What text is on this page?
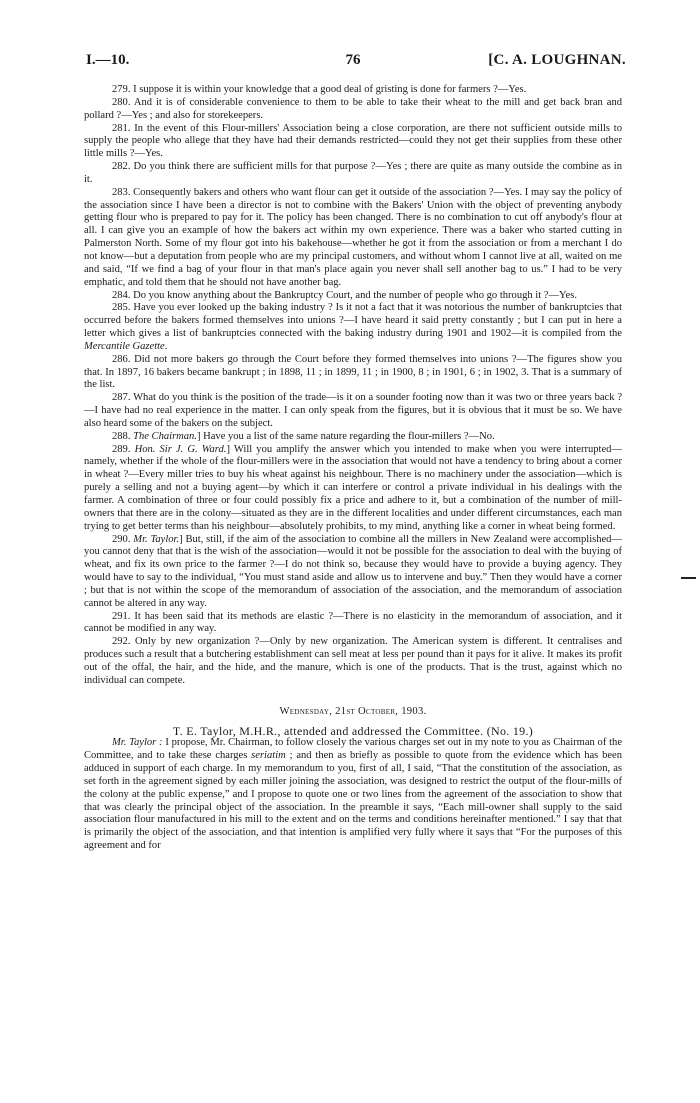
I.—10.	76	[C. A. LOUGHNAN.

279. I suppose it is within your knowledge that a good deal of gristing is done for farmers ?—Yes.

280. And it is of considerable convenience to them to be able to take their wheat to the mill and get back bran and pollard ?—Yes ; and also for storekeepers.

281. In the event of this Flour-millers' Association being a close corporation, are there not sufficient outside mills to supply the people who allege that they have had their demands restricted—could they not get their supplies from these other little mills ?—Yes.

282. Do you think there are sufficient mills for that purpose ?—Yes ; there are quite as many outside the combine as in it.

283. Consequently bakers and others who want flour can get it outside of the association ?—Yes. I may say the policy of the association since I have been a director is not to combine with the Bakers' Union with the object of preventing anybody getting flour who is prepared to pay for it. The policy has been changed. There is no combination to cut off anybody's flour at all. I can give you an example of how the bakers act within my own experience. There was a baker who started cutting in Palmerston North. Some of my flour got into his bakehouse—whether he got it from the association or from a merchant I do not know—but a deputation from people who are my principal customers, and without whom I cannot live at all, waited on me and said, “If we find a bag of your flour in that man's place again you never shall sell another bag to us.” I had to be very emphatic, and told them that he should not have another bag.

284. Do you know anything about the Bankruptcy Court, and the number of people who go through it ?—Yes.

285. Have you ever looked up the baking industry ? Is it not a fact that it was notorious the number of bankruptcies that occurred before the bakers formed themselves into unions ?—I have heard it said pretty constantly ; but I can put in here a letter which gives a list of bankruptcies connected with the baking industry during 1901 and 1902—it is compiled from the Mercantile Gazette.

286. Did not more bakers go through the Court before they formed themselves into unions ?—The figures show you that. In 1897, 16 bakers became bankrupt ; in 1898, 11 ; in 1899, 11 ; in 1900, 8 ; in 1901, 6 ; in 1902, 3. That is a summary of the list.

287. What do you think is the position of the trade—is it on a sounder footing now than it was two or three years back ?—I have had no real experience in the matter. I can only speak from the figures, but it is obvious that it must be so. We have also heard some of the bakers on the subject.

288. The Chairman.] Have you a list of the same nature regarding the flour-millers ?—No.

289. Hon. Sir J. G. Ward.] Will you amplify the answer which you intended to make when you were interrupted—namely, whether if the whole of the flour-millers were in the association that would not have a tendency to bring about a corner in wheat ?—Every miller tries to buy his wheat against his neighbour. There is no machinery under the association—which is purely a selling and not a buying agent—by which it can interfere or control a private individual in his dealings with the farmer. A combination of three or four could possibly fix a price and adhere to it, but a combination of the number of mill-owners that there are in the colony—situated as they are in the different localities and under different circumstances, each man trying to get better terms than his neighbour—absolutely prohibits, to my mind, anything like a corner in wheat being formed.

290. Mr. Taylor.] But, still, if the aim of the association to combine all the millers in New Zealand were accomplished—you cannot deny that that is the wish of the association—would it not be possible for the association to deal with the buying of wheat, and fix its own price to the farmer ?—I do not think so, because they would have to provide a buying agency. They would have to say to the individual, “You must stand aside and allow us to intervene and buy.” Then they would have a corner ; but that is not within the scope of the memorandum of association of the association, and the memorandum of association cannot be altered in any way.

291. It has been said that its methods are elastic ?—There is no elasticity in the memorandum of association, and it cannot be modified in any way.

292. Only by new organization ?—Only by new organization. The American system is different. It centralises and produces such a result that a butchering establishment can sell meat at less per pound than it pays for it alive. It makes its profit out of the offal, the hair, and the hide, and the manure, which is one of the products. That is the trust, against which no individual can compete.

Wednesday, 21st October, 1903.
T. E. Taylor, M.H.R., attended and addressed the Committee. (No. 19.)

Mr. Taylor : I propose, Mr. Chairman, to follow closely the various charges set out in my note to you as Chairman of the Committee, and to take these charges seriatim ; and then as briefly as possible to quote from the evidence which has been adduced in support of each charge. In my memorandum to you, first of all, I said, “That the constitution of the association, as set forth in the agreement signed by each miller joining the association, was designed to restrict the output of the flour-mills of the colony at the public expense,” and I propose to quote one or two lines from the agreement of the association to show that that was clearly the principal object of the association. In the preamble it says, “Each mill-owner shall supply to the said association flour manufactured in his mill to the extent and on the terms and conditions hereinafter mentioned.” I say that that is primarily the object of the association, and that intention is amplified very fully where it says that “For the purposes of this agreement and for
